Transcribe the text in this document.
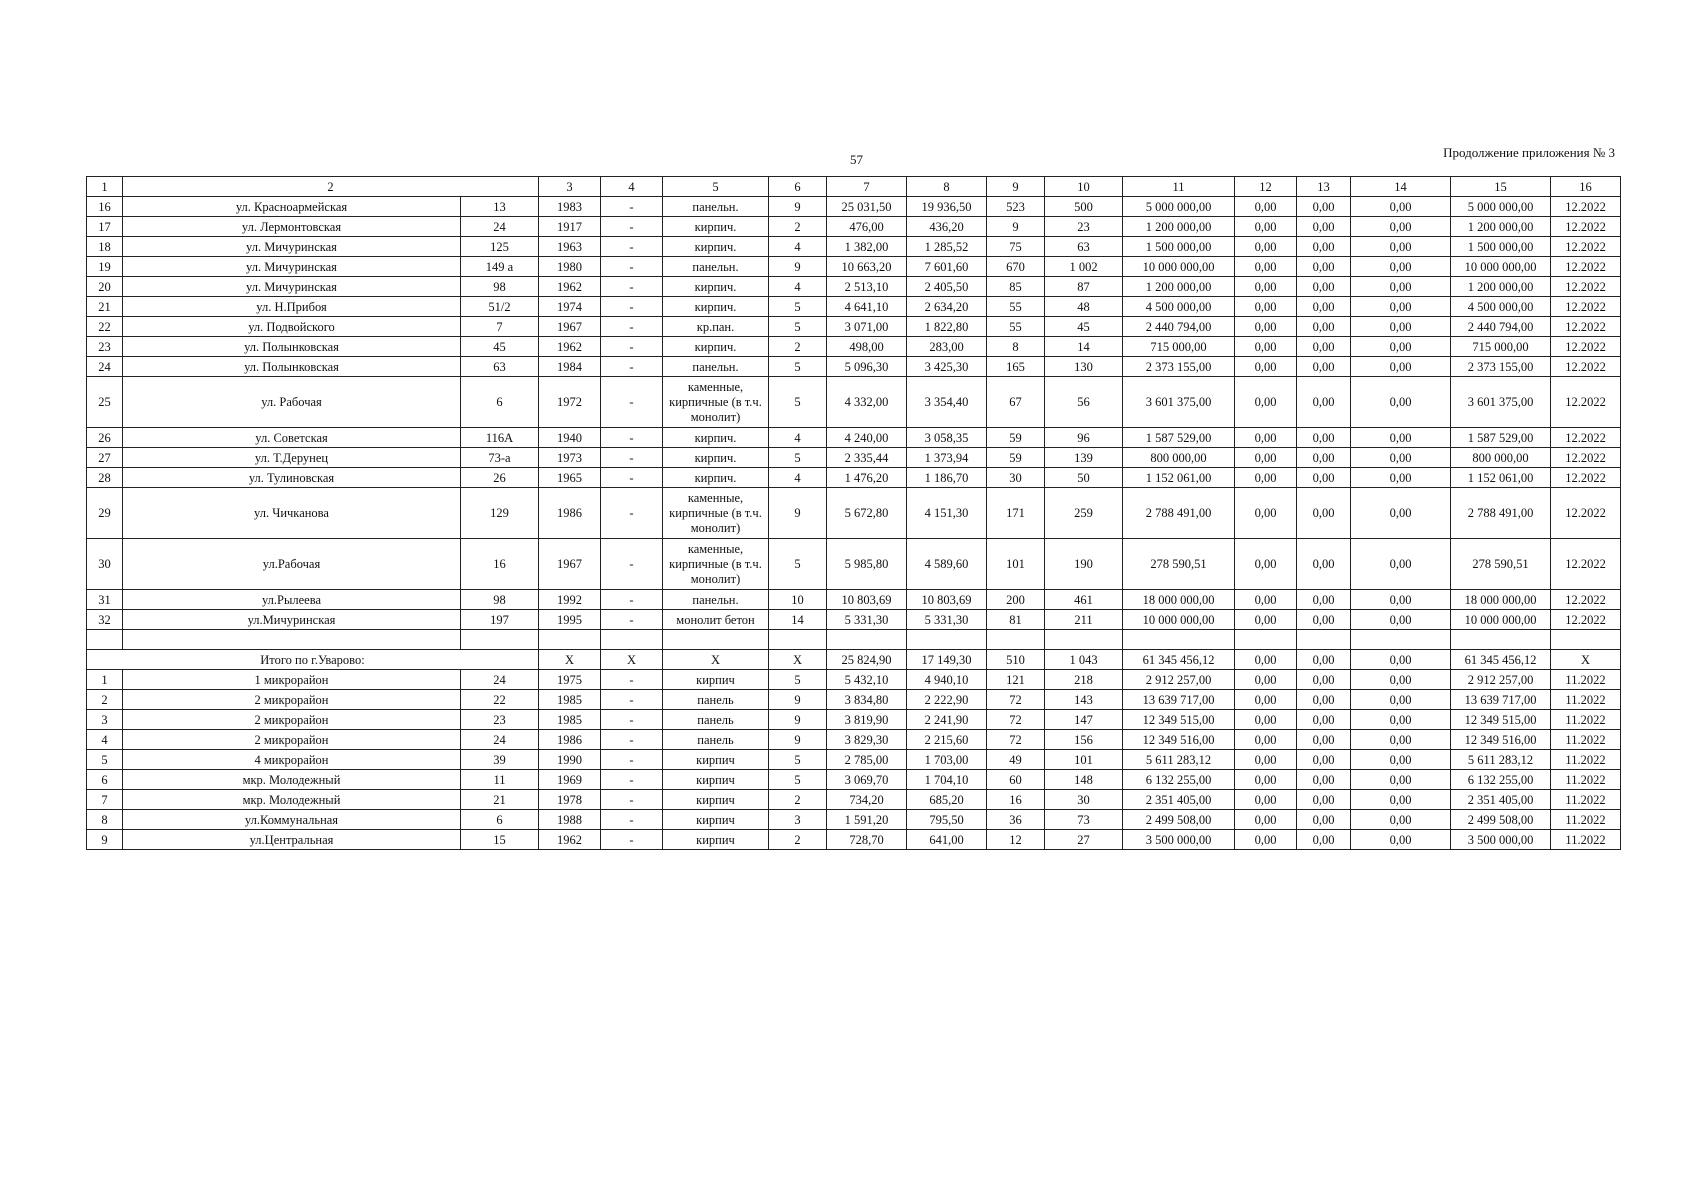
57	Продолжение приложения № 3
1	2		3	4	5	6	7	8	9	10	11	12	13	14	15	16
16	ул. Красноармейская	13	1983	-	панельн.	9	25 031,50	19 936,50	523	500	5 000 000,00	0,00	0,00	0,00	5 000 000,00	12.2022
17	ул. Лермонтовская	24	1917	-	кирпич.	2	476,00	436,20	9	23	1 200 000,00	0,00	0,00	0,00	1 200 000,00	12.2022
18	ул. Мичуринская	125	1963	-	кирпич.	4	1 382,00	1 285,52	75	63	1 500 000,00	0,00	0,00	0,00	1 500 000,00	12.2022
19	ул. Мичуринская	149 а	1980	-	панельн.	9	10 663,20	7 601,60	670	1 002	10 000 000,00	0,00	0,00	0,00	10 000 000,00	12.2022
20	ул. Мичуринская	98	1962	-	кирпич.	4	2 513,10	2 405,50	85	87	1 200 000,00	0,00	0,00	0,00	1 200 000,00	12.2022
21	ул. Н.Прибоя	51/2	1974	-	кирпич.	5	4 641,10	2 634,20	55	48	4 500 000,00	0,00	0,00	0,00	4 500 000,00	12.2022
22	ул. Подвойского	7	1967	-	кр.пан.	5	3 071,00	1 822,80	55	45	2 440 794,00	0,00	0,00	0,00	2 440 794,00	12.2022
23	ул. Полынковская	45	1962	-	кирпич.	2	498,00	283,00	8	14	715 000,00	0,00	0,00	0,00	715 000,00	12.2022
24	ул. Полынковская	63	1984	-	панельн.	5	5 096,30	3 425,30	165	130	2 373 155,00	0,00	0,00	0,00	2 373 155,00	12.2022
25	ул. Рабочая	6	1972	-	каменные, кирпичные (в т.ч. монолит)	5	4 332,00	3 354,40	67	56	3 601 375,00	0,00	0,00	0,00	3 601 375,00	12.2022
26	ул. Советская	116А	1940	-	кирпич.	4	4 240,00	3 058,35	59	96	1 587 529,00	0,00	0,00	0,00	1 587 529,00	12.2022
27	ул. Т.Дерунец	73-а	1973	-	кирпич.	5	2 335,44	1 373,94	59	139	800 000,00	0,00	0,00	0,00	800 000,00	12.2022
28	ул. Тулиновская	26	1965	-	кирпич.	4	1 476,20	1 186,70	30	50	1 152 061,00	0,00	0,00	0,00	1 152 061,00	12.2022
29	ул. Чичканова	129	1986	-	каменные, кирпичные (в т.ч. монолит)	9	5 672,80	4 151,30	171	259	2 788 491,00	0,00	0,00	0,00	2 788 491,00	12.2022
30	ул.Рабочая	16	1967	-	каменные, кирпичные (в т.ч. монолит)	5	5 985,80	4 589,60	101	190	278 590,51	0,00	0,00	0,00	278 590,51	12.2022
31	ул.Рылеева	98	1992	-	панельн.	10	10 803,69	10 803,69	200	461	18 000 000,00	0,00	0,00	0,00	18 000 000,00	12.2022
32	ул.Мичуринская	197	1995	-	монолит бетон	14	5 331,30	5 331,30	81	211	10 000 000,00	0,00	0,00	0,00	10 000 000,00	12.2022

Итого по г.Уварово:			Х	Х	Х	Х	25 824,90	17 149,30	510	1 043	61 345 456,12	0,00	0,00	0,00	61 345 456,12	Х
1	1 микрорайон	24	1975	-	кирпич	5	5 432,10	4 940,10	121	218	2 912 257,00	0,00	0,00	0,00	2 912 257,00	11.2022
2	2 микрорайон	22	1985	-	панель	9	3 834,80	2 222,90	72	143	13 639 717,00	0,00	0,00	0,00	13 639 717,00	11.2022
3	2 микрорайон	23	1985	-	панель	9	3 819,90	2 241,90	72	147	12 349 515,00	0,00	0,00	0,00	12 349 515,00	11.2022
4	2 микрорайон	24	1986	-	панель	9	3 829,30	2 215,60	72	156	12 349 516,00	0,00	0,00	0,00	12 349 516,00	11.2022
5	4 микрорайон	39	1990	-	кирпич	5	2 785,00	1 703,00	49	101	5 611 283,12	0,00	0,00	0,00	5 611 283,12	11.2022
6	мкр. Молодежный	11	1969	-	кирпич	5	3 069,70	1 704,10	60	148	6 132 255,00	0,00	0,00	0,00	6 132 255,00	11.2022
7	мкр. Молодежный	21	1978	-	кирпич	2	734,20	685,20	16	30	2 351 405,00	0,00	0,00	0,00	2 351 405,00	11.2022
8	ул.Коммунальная	6	1988	-	кирпич	3	1 591,20	795,50	36	73	2 499 508,00	0,00	0,00	0,00	2 499 508,00	11.2022
9	ул.Центральная	15	1962	-	кирпич	2	728,70	641,00	12	27	3 500 000,00	0,00	0,00	0,00	3 500 000,00	11.2022
